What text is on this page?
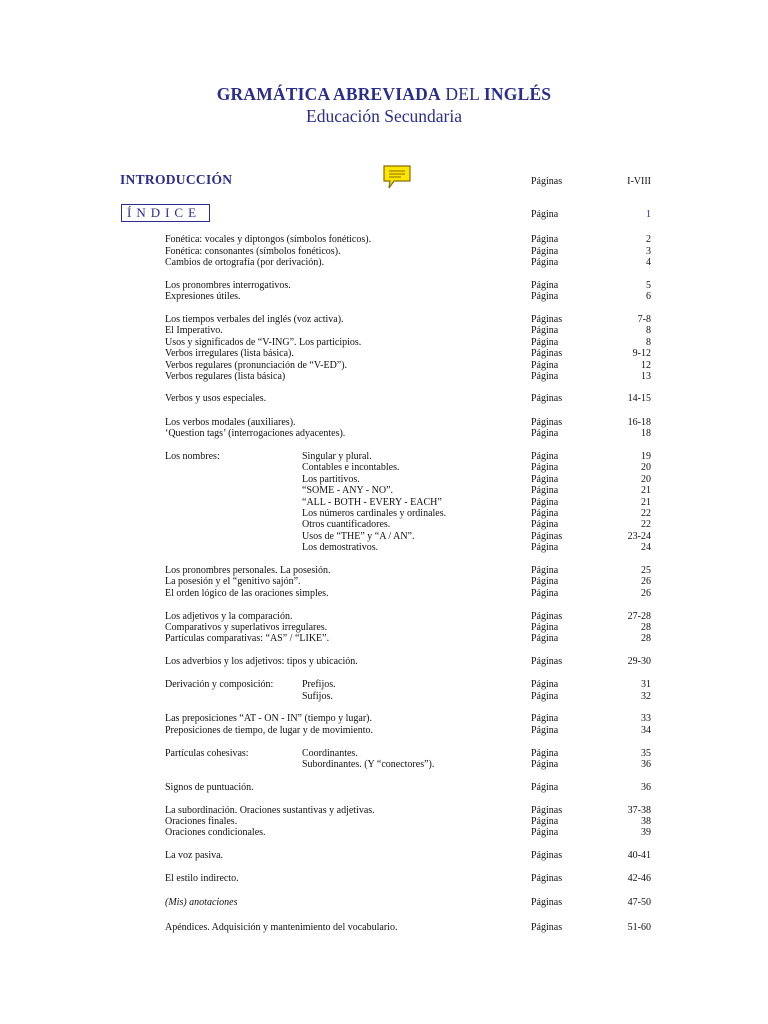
GRAMÁTICA ABREVIADA DEL INGLÉS
Educación Secundaria
INTRODUCCIÓN	Páginas	I-VIII
ÍNDICE	Página	1
Fonética: vocales y diptongos (símbolos fonéticos).	Página	2
Fonética: consonantes (símbolos fonéticos).	Página	3
Cambios de ortografía (por derivación).	Página	4
Los pronombres interrogativos.	Página	5
Expresiones útiles.	Página	6
Los tiempos verbales del inglés (voz activa).	Páginas	7-8
El Imperativo.	Página	8
Usos y significados de “V-ING”. Los participios.	Página	8
Verbos irregulares (lista básica).	Páginas	9-12
Verbos regulares (pronunciación de “V-ED”).	Página	12
Verbos regulares (lista básica)	Página	13
Verbos y usos especiales.	Páginas	14-15
Los verbos modales (auxiliares).	Páginas	16-18
‘Question tags’ (interrogaciones adyacentes).	Página	18
Los nombres:	Singular y plural.	Página	19
Contables e incontables.	Página	20
Los partitivos.	Página	20
“SOME - ANY - NO”.	Página	21
“ALL - BOTH - EVERY - EACH”	Página	21
Los números cardinales y ordinales.	Página	22
Otros cuantificadores.	Página	22
Usos de “THE” y “A / AN”.	Páginas	23-24
Los demostrativos.	Página	24
Los pronombres personales. La posesión.	Página	25
La posesión y el “genitivo sajón”.	Página	26
El orden lógico de las oraciones simples.	Página	26
Los adjetivos y la comparación.	Páginas	27-28
Comparativos y superlativos irregulares.	Página	28
Partículas comparativas: “AS” / “LIKE”.	Página	28
Los adverbios y los adjetivos: tipos y ubicación.	Páginas	29-30
Derivación y composición:	Prefijos.	Página	31
Sufijos.	Página	32
Las preposiciones “AT - ON - IN” (tiempo y lugar).	Página	33
Preposiciones de tiempo, de lugar y de movimiento.	Página	34
Partículas cohesivas:	Coordinantes.	Página	35
Subordinantes. (Y “conectores”).	Página	36
Signos de puntuación.	Página	36
La subordinación. Oraciones sustantivas y adjetivas.	Páginas	37-38
Oraciones finales.	Página	38
Oraciones condicionales.	Página	39
La voz pasiva.	Páginas	40-41
El estilo indirecto.	Páginas	42-46
(Mis) anotaciones	Páginas	47-50
Apéndices. Adquisición y mantenimiento del vocabulario.	Páginas	51-60
